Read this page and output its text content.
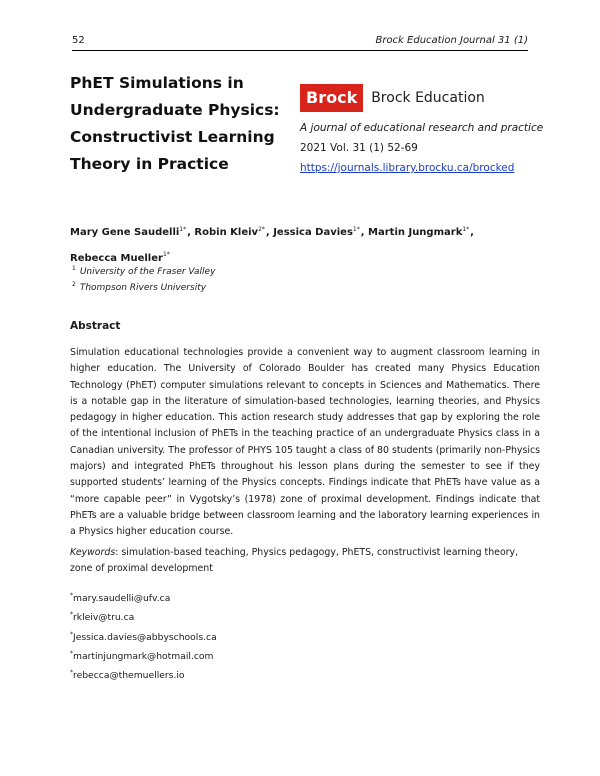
52	Brock Education Journal 31 (1)
PhET Simulations in
Undergraduate Physics:
Constructivist Learning
Theory in Practice
Brock	Brock Education
A journal of educational research and practice
2021 Vol. 31 (1) 52-69
https://journals.library.brocku.ca/brocked
Mary Gene Saudelli$^{1*}$, Robin Kleiv$^{2*}$, Jessica Davies$^{1*}$, Martin Jungmark$^{1*}$,
Rebecca Mueller$^{1*}$
$^1$ University of the Fraser Valley
$^2$ Thompson Rivers University
Abstract
Simulation educational technologies provide a convenient way to augment classroom learning in higher education. The University of Colorado Boulder has created many Physics Education Technology (PhET) computer simulations relevant to concepts in Sciences and Mathematics. There is a notable gap in the literature of simulation-based technologies, learning theories, and Physics pedagogy in higher education. This action research study addresses that gap by exploring the role of the intentional inclusion of PhETs in the teaching practice of an undergraduate Physics class in a Canadian university. The professor of PHYS 105 taught a class of 80 students (primarily non-Physics majors) and integrated PhETs throughout his lesson plans during the semester to see if they supported students’ learning of the Physics concepts. Findings indicate that PhETs have value as a “more capable peer” in Vygotsky’s (1978) zone of proximal development. Findings indicate that PhETs are a valuable bridge between classroom learning and the laboratory learning experiences in a Physics higher education course.
Keywords: simulation-based teaching, Physics pedagogy, PhETS, constructivist learning theory, zone of proximal development
*mary.saudelli@ufv.ca
*rkleiv@tru.ca
*Jessica.davies@abbyschools.ca
*martinjungmark@hotmail.com
*rebecca@themuellers.io
